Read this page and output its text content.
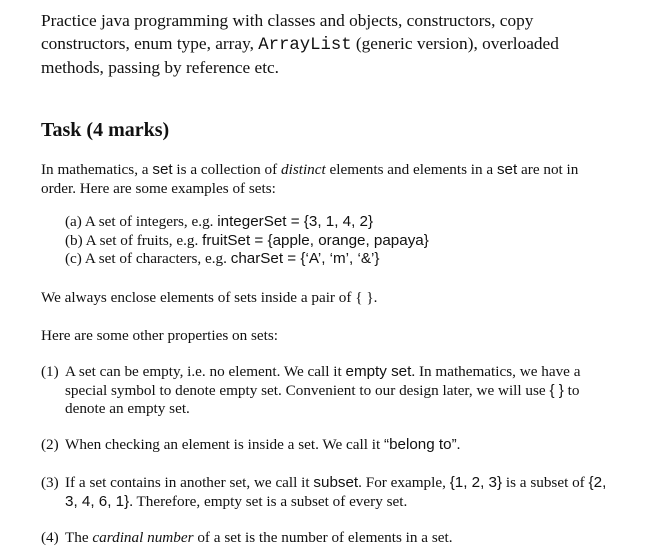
Practice java programming with classes and objects, constructors, copy constructors, enum type, array, ArrayList (generic version), overloaded methods, passing by reference etc.

Task (4 marks)

In mathematics, a set is a collection of distinct elements and elements in a set are not in order. Here are some examples of sets:

(a) A set of integers, e.g. integerSet = {3, 1, 4, 2}
(b) A set of fruits, e.g. fruitSet = {apple, orange, papaya}
(c) A set of characters, e.g. charSet = {‘A’, ‘m’, ‘&’}

We always enclose elements of sets inside a pair of { }.

Here are some other properties on sets:

(1) A set can be empty, i.e. no element. We call it empty set. In mathematics, we have a special symbol to denote empty set. Convenient to our design later, we will use { } to denote an empty set.
(2) When checking an element is inside a set. We call it “belong to”.
(3) If a set contains in another set, we call it subset. For example, {1, 2, 3} is a subset of {2, 3, 4, 6, 1}. Therefore, empty set is a subset of every set.
(4) The cardinal number of a set is the number of elements in a set.
